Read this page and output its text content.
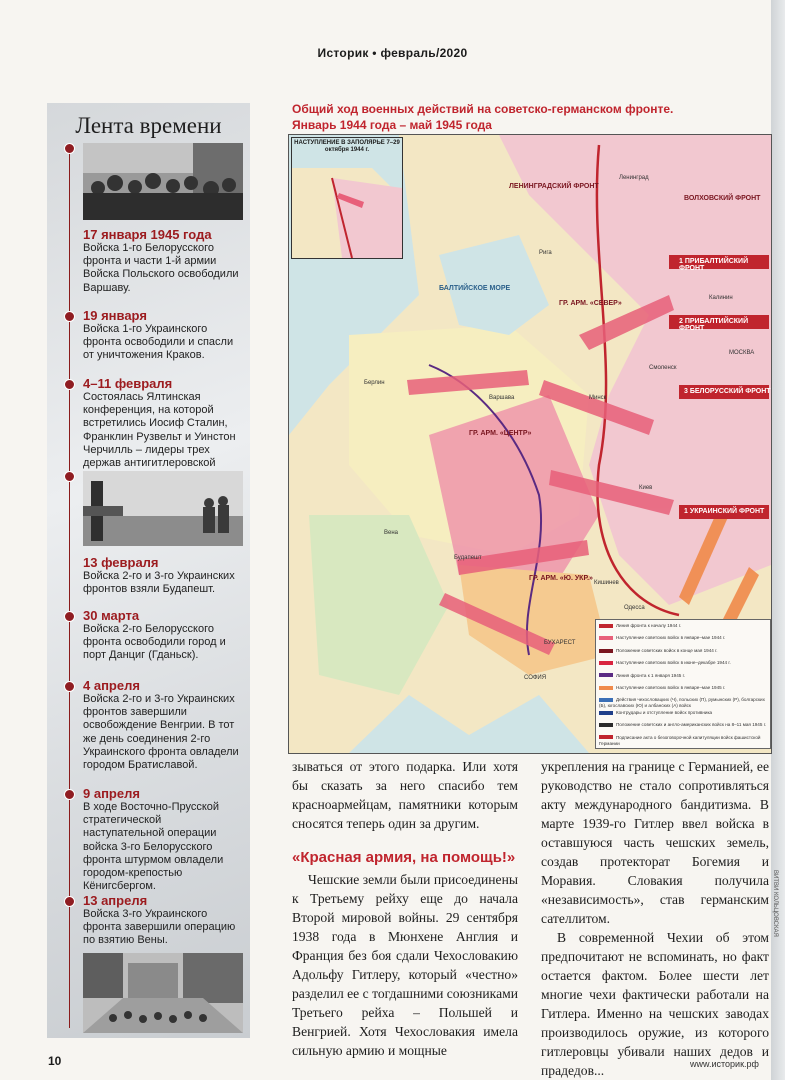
Историк • февраль/2020
ВИТВИ КОЛЬЦОВСКАЯ
Лента времени
17 января 1945 года
Войска 1-го Белорусского фронта и части 1-й армии Войска Польского освободили Варшаву.
19 января
Войска 1-го Украинского фронта освободили и спасли от уничтожения Краков.
4–11 февраля
Состоялась Ялтинская конференция, на которой встретились Иосиф Сталин, Франклин Рузвельт и Уинстон Черчилль – лидеры трех держав антигитлеровской
13 февраля
Войска 2-го и 3-го Украинских фронтов взяли Будапешт.
30 марта
Войска 2-го Белорусского фронта освободили город и порт Данциг (Гданьск).
4 апреля
Войска 2-го и 3-го Украинских фронтов завершили освобождение Венгрии. В тот же день соединения 2-го Украинского фронта овладели городом Братиславой.
9 апреля
В ходе Восточно-Прусской стратегической наступательной операции войска 3-го Белорусского фронта штурмом овладели городом-крепостью Кёнигсбергом.
13 апреля
Войска 3-го Украинского фронта завершили операцию по взятию Вены.
Общий ход военных действий на советско-германском фронте.
Январь 1944 года – май 1945 года
НАСТУПЛЕНИЕ В ЗАПОЛЯРЬЕ 7–29 октября 1944 г.
1 ПРИБАЛТИЙСКИЙ ФРОНТ
2 ПРИБАЛТИЙСКИЙ ФРОНТ
3 БЕЛОРУССКИЙ ФРОНТ
1 УКРАИНСКИЙ ФРОНТ
ВОЛХОВСКИЙ ФРОНТ
ЛЕНИНГРАДСКИЙ ФРОНТ
БАЛТИЙСКОЕ МОРЕ
ГР. АРМ. «СЕВЕР»
ГР. АРМ. «ЦЕНТР»
ГР. АРМ. «Ю. УКР.»
МОСКВА
Ленинград
Калинин
Смоленск
Киев
Варшава
Берлин
Будапешт
Вена
БУХАРЕСТ
СОФИЯ
Кишинев
Одесса
Рига
Минск
Линия фронта к началу 1944 г.
Наступление советских войск в январе–мае 1944 г.
Положение советских войск в конце мая 1944 г.
Наступление советских войск в июне–декабре 1944 г.
Линия фронта к 1 января 1945 г.
Наступление советских войск в январе–мае 1945 г.
Действия чехословацких (Ч), польских (П), румынских (Р), болгарских (Б), югославских (Ю) и албанских (А) войск
Контрудары и отступление войск противника
Положение советских и англо-американских войск на 8–11 мая 1945 г.
Подписание акта о безоговорочной капитуляции войск фашистской Германии

зываться от этого подарка. Или хотя бы сказать за него спасибо тем красноармейцам, памятники которым сносятся теперь один за другим.

«Красная армия, на помощь!»

Чешские земли были присоединены к Третьему рейху еще до начала Второй мировой войны. 29 сентября 1938 года в Мюнхене Англия и Франция без боя сдали Чехословакию Адольфу Гитлеру, который «честно» разделил ее с тогдашними союзниками Третьего рейха – Польшей и Венгрией. Хотя Чехословакия имела сильную армию и мощные

укрепления на границе с Германией, ее руководство не стало сопротивляться акту международного бандитизма. В марте 1939-го Гитлер ввел войска в оставшуюся часть чешских земель, создав протекторат Богемия и Моравия. Словакия получила «независимость», став германским сателлитом.

В современной Чехии об этом предпочитают не вспоминать, но факт остается фактом. Более шести лет многие чехи фактически работали на Гитлера. Именно на чешских заводах производилось оружие, из которого гитлеровцы убивали наших дедов и прадедов...

10	www.историк.рф
